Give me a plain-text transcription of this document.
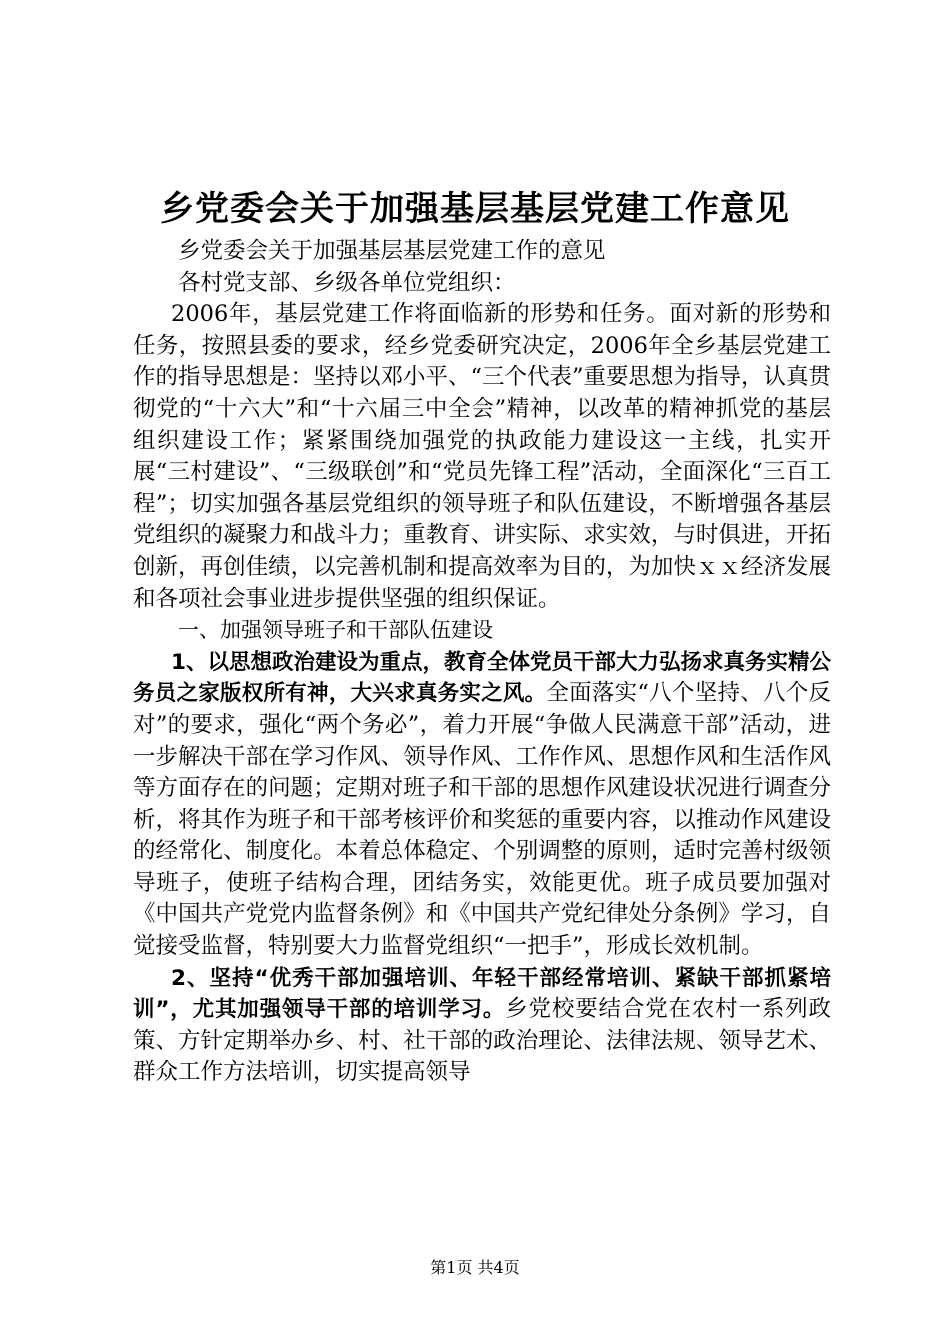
乡党委会关于加强基层基层党建工作意见

乡党委会关于加强基层基层党建工作的意见

各村党支部、乡级各单位党组织：

2006年，基层党建工作将面临新的形势和任务。面对新的形势和任务，按照县委的要求，经乡党委研究决定，2006年全乡基层党建工作的指导思想是：坚持以邓小平、“三个代表”重要思想为指导，认真贯彻党的“十六大”和“十六届三中全会”精神，以改革的精神抓党的基层组织建设工作；紧紧围绕加强党的执政能力建设这一主线，扎实开展“三村建设”、“三级联创”和“党员先锋工程”活动，全面深化“三百工程”；切实加强各基层党组织的领导班子和队伍建设，不断增强各基层党组织的凝聚力和战斗力；重教育、讲实际、求实效，与时俱进，开拓创新，再创佳绩，以完善机制和提高效率为目的，为加快ｘｘ经济发展和各项社会事业进步提供坚强的组织保证。

一、加强领导班子和干部队伍建设

1、以思想政治建设为重点，教育全体党员干部大力弘扬求真务实精公务员之家版权所有神，大兴求真务实之风。全面落实“八个坚持、八个反对”的要求，强化“两个务必”，着力开展“争做人民满意干部”活动，进一步解决干部在学习作风、领导作风、工作作风、思想作风和生活作风等方面存在的问题；定期对班子和干部的思想作风建设状况进行调查分析，将其作为班子和干部考核评价和奖惩的重要内容，以推动作风建设的经常化、制度化。本着总体稳定、个别调整的原则，适时完善村级领导班子，使班子结构合理，团结务实，效能更优。班子成员要加强对《中国共产党党内监督条例》和《中国共产党纪律处分条例》学习，自觉接受监督，特别要大力监督党组织“一把手”，形成长效机制。

2、坚持“优秀干部加强培训、年轻干部经常培训、紧缺干部抓紧培训”，尤其加强领导干部的培训学习。乡党校要结合党在农村一系列政策、方针定期举办乡、村、社干部的政治理论、法律法规、领导艺术、群众工作方法培训，切实提高领导

第1页 共4页
